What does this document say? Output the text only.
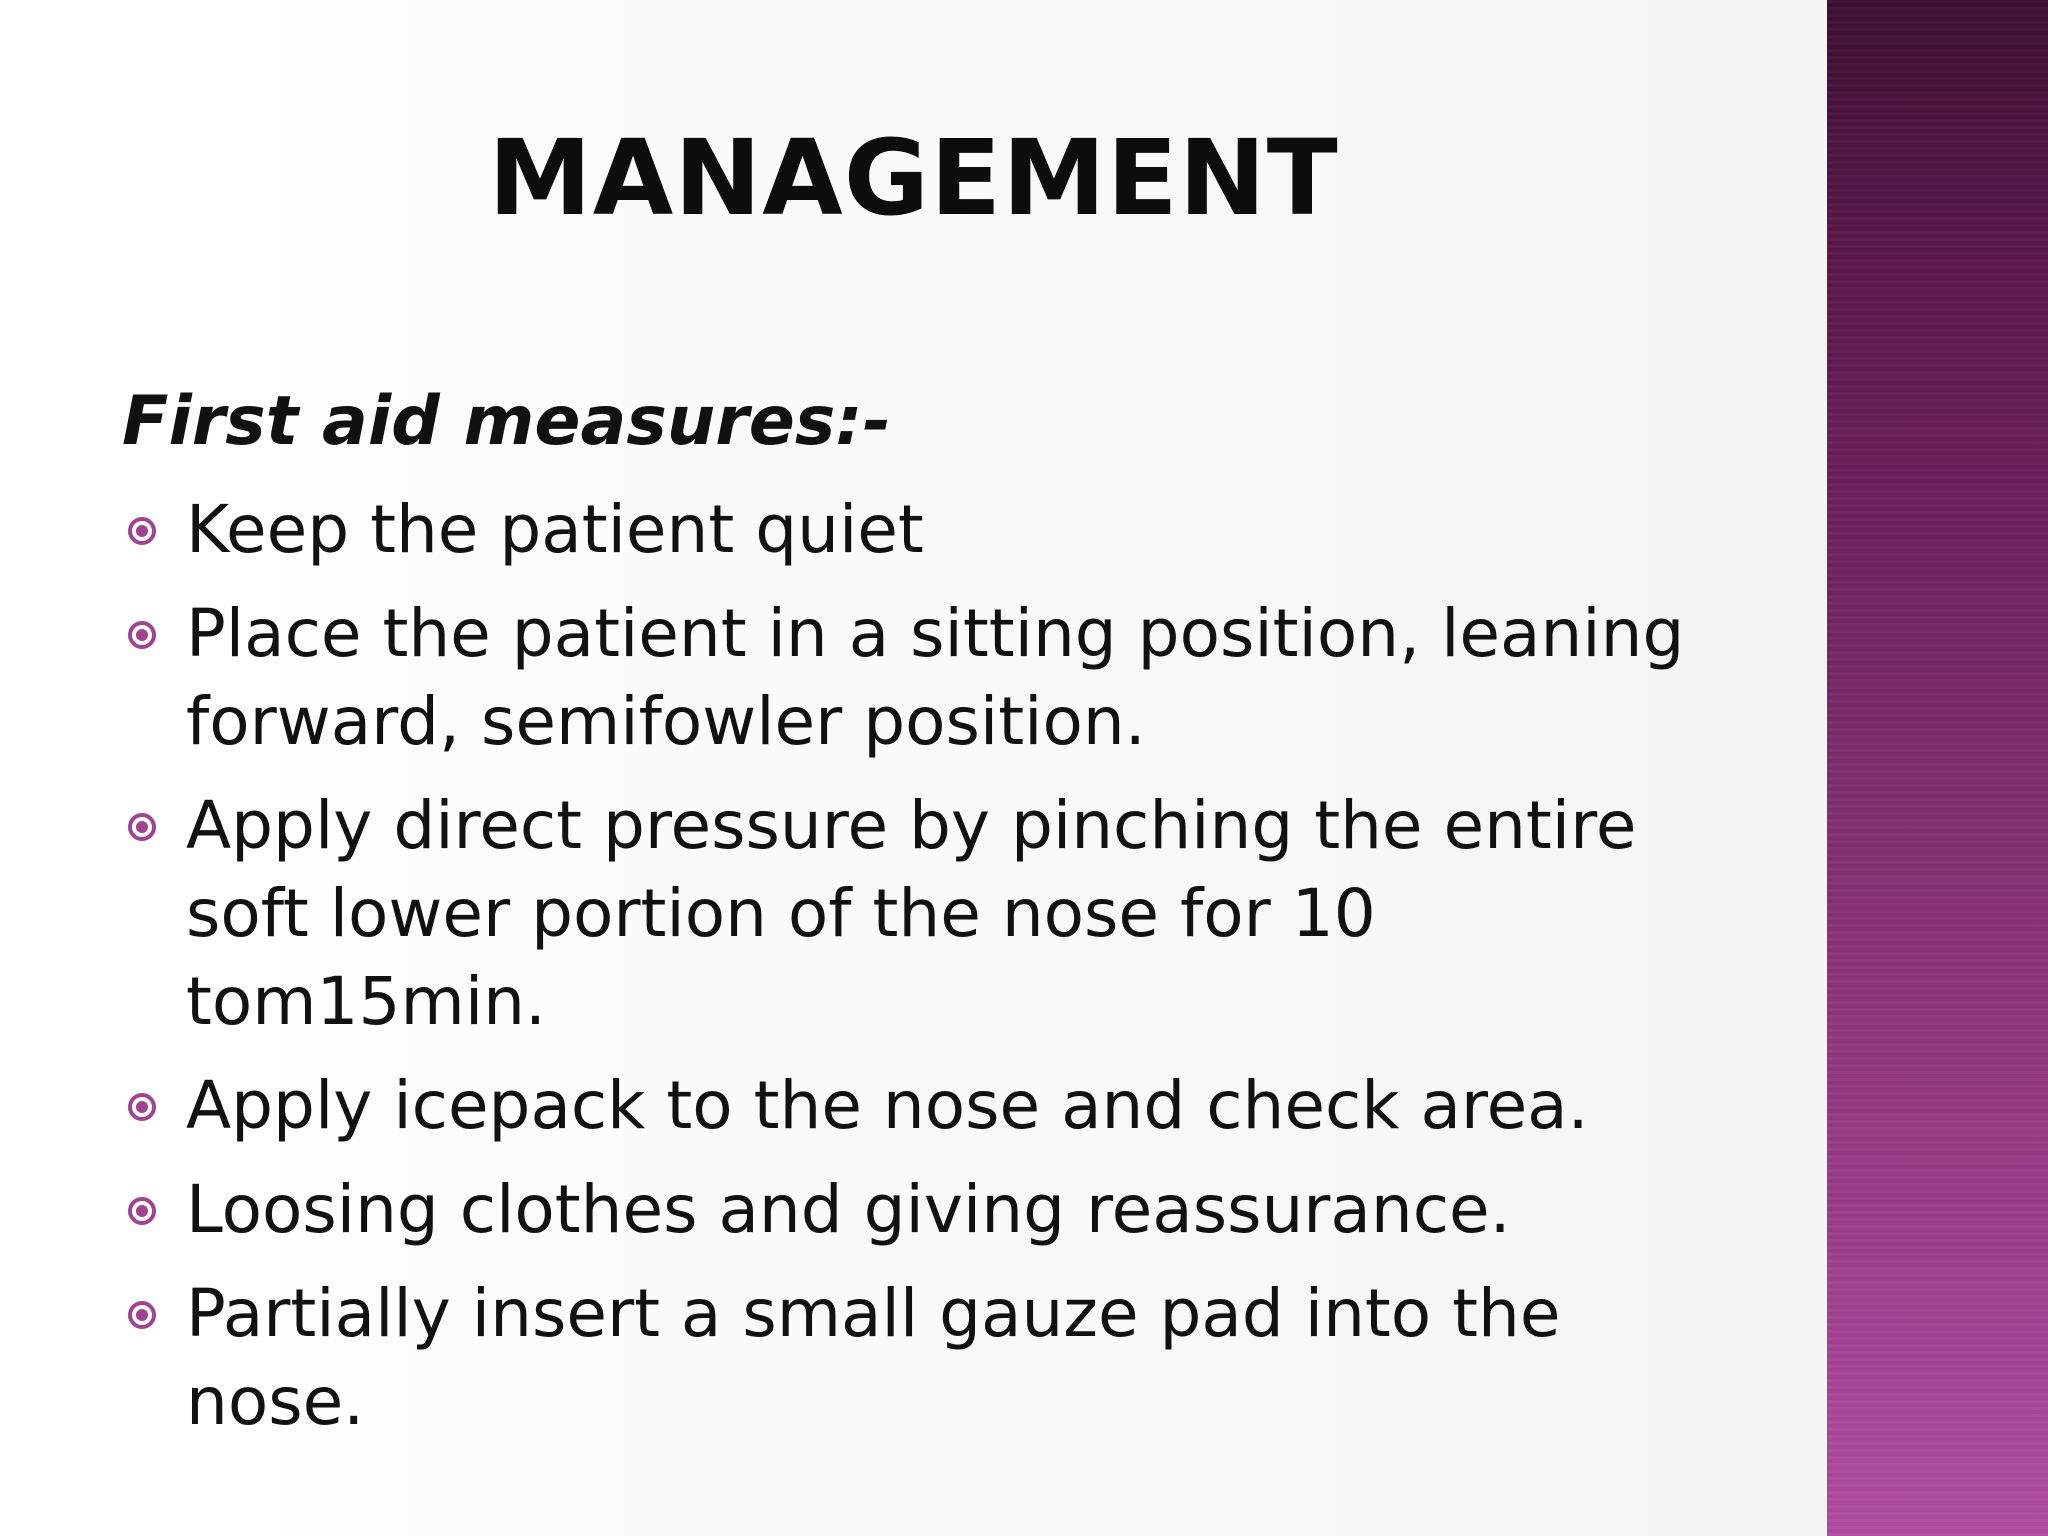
MANAGEMENT
First aid measures:-
Keep the patient quiet
Place the patient in a sitting position, leaning forward, semifowler position.
Apply direct pressure by pinching the entire soft lower portion of the nose for 10 tom15min.
Apply icepack to the nose and check area.
Loosing clothes and giving reassurance.
Partially insert a small gauze pad into the nose.
